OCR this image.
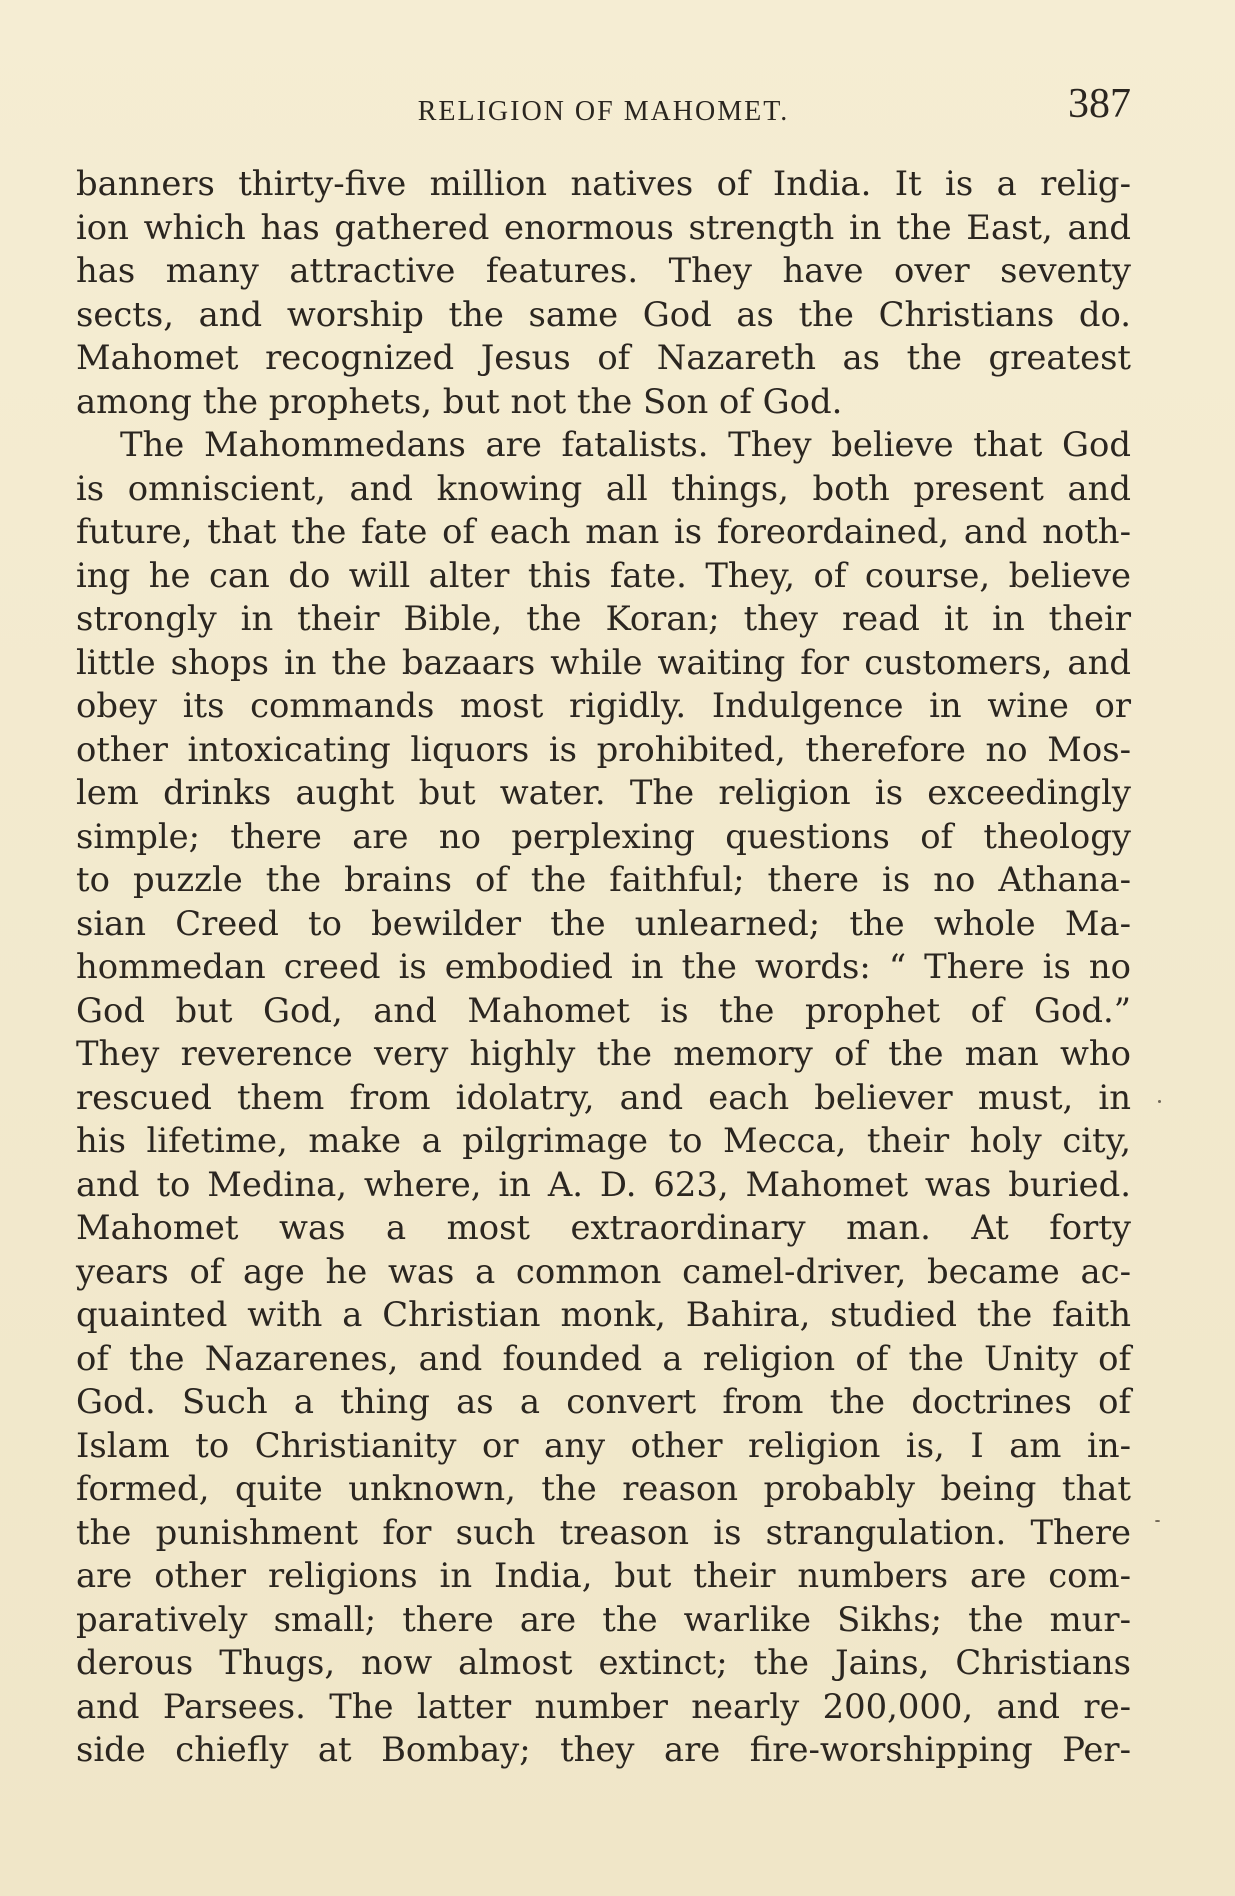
RELIGION OF MAHOMET.	387
banners thirty-five million natives of India. It is a relig-
ion which has gathered enormous strength in the East, and
has many attractive features. They have over seventy
sects, and worship the same God as the Christians do.
Mahomet recognized Jesus of Nazareth as the greatest
among the prophets, but not the Son of God.
The Mahommedans are fatalists. They believe that God
is omniscient, and knowing all things, both present and
future, that the fate of each man is foreordained, and noth-
ing he can do will alter this fate. They, of course, believe
strongly in their Bible, the Koran; they read it in their
little shops in the bazaars while waiting for customers, and
obey its commands most rigidly. Indulgence in wine or
other intoxicating liquors is prohibited, therefore no Mos-
lem drinks aught but water. The religion is exceedingly
simple; there are no perplexing questions of theology
to puzzle the brains of the faithful; there is no Athana-
sian Creed to bewilder the unlearned; the whole Ma-
hommedan creed is embodied in the words: “ There is no
God but God, and Mahomet is the prophet of God.”
They reverence very highly the memory of the man who
rescued them from idolatry, and each believer must, in
his lifetime, make a pilgrimage to Mecca, their holy city,
and to Medina, where, in A. D. 623, Mahomet was buried.
Mahomet was a most extraordinary man. At forty
years of age he was a common camel-driver, became ac-
quainted with a Christian monk, Bahira, studied the faith
of the Nazarenes, and founded a religion of the Unity of
God. Such a thing as a convert from the doctrines of
Islam to Christianity or any other religion is, I am in-
formed, quite unknown, the reason probably being that
the punishment for such treason is strangulation. There
are other religions in India, but their numbers are com-
paratively small; there are the warlike Sikhs; the mur-
derous Thugs, now almost extinct; the Jains, Christians
and Parsees. The latter number nearly 200,000, and re-
side chiefly at Bombay; they are fire-worshipping Per-
